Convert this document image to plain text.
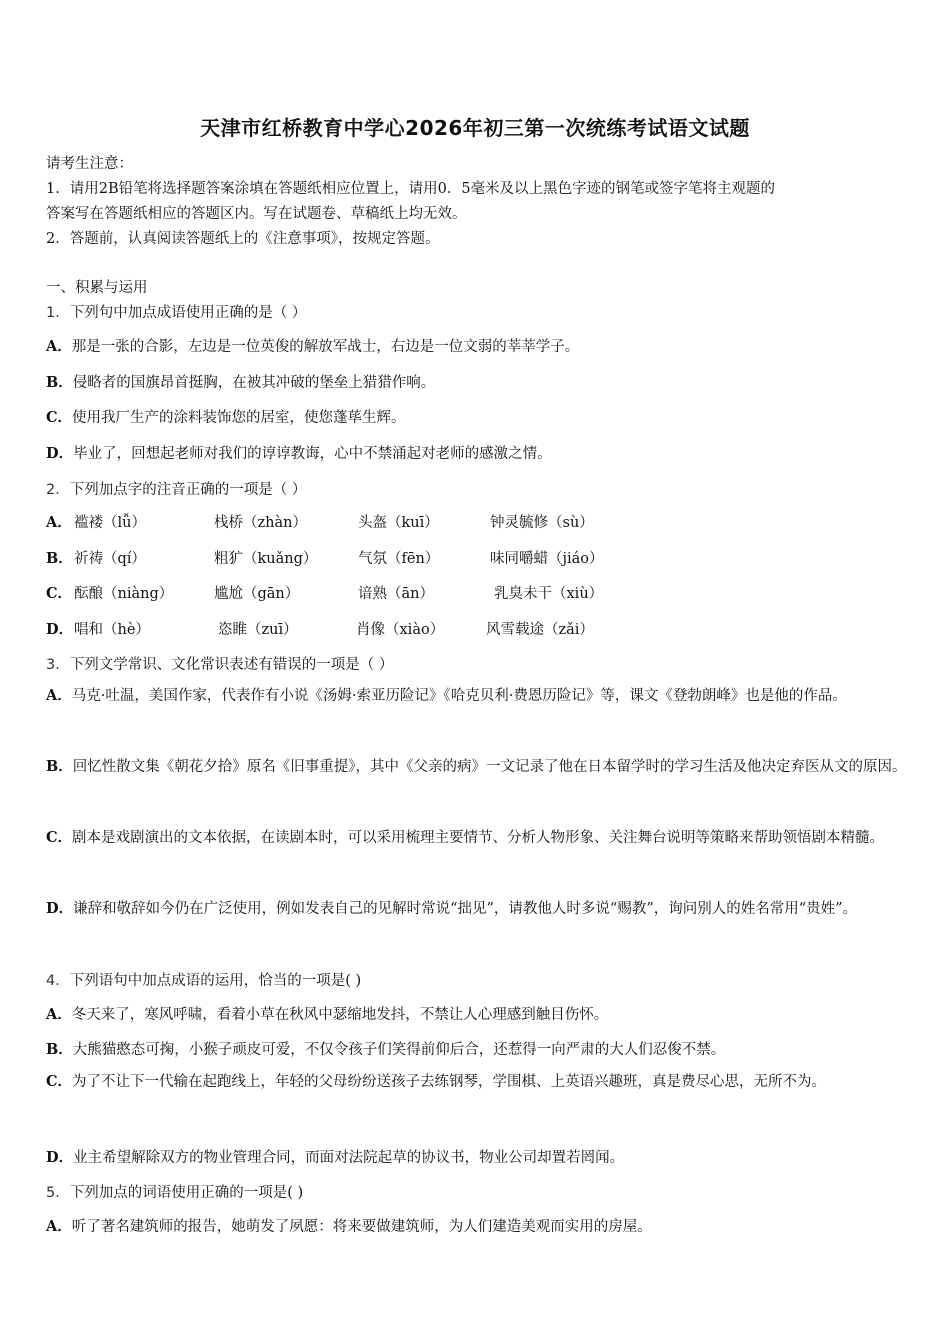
天津市红桥教育中学心2026年初三第一次统练考试语文试题
请考生注意：
1．请用2B铅笔将选择题答案涂填在答题纸相应位置上，请用0．5毫米及以上黑色字迹的钢笔或签字笔将主观题的
答案写在答题纸相应的答题区内。写在试题卷、草稿纸上均无效。
2．答题前，认真阅读答题纸上的《注意事项》，按规定答题。
一、积累与运用
1．下列句中加点成语使用正确的是（ ）
A．那是一张的合影，左边是一位英俊的解放军战士，右边是一位文弱的莘莘学子。
B．侵略者的国旗昂首挺胸，在被其冲破的堡垒上猎猎作响。
C．使用我厂生产的涂料装饰您的居室，使您蓬荜生辉。
D．毕业了，回想起老师对我们的谆谆教诲，心中不禁涌起对老师的感激之情。
2．下列加点字的注音正确的一项是（ ）
A． 褴褛（lǚ）	栈桥（zhàn）	头盔（kuī）	钟灵毓修（sù）
B． 祈祷（qí）	粗犷（kuǎng）	气氛（fēn）	味同嚼蜡（jiáo）
C． 酝酿（niàng）	尴尬（gān）	谙熟（ān）	乳臭未干（xiù）
D． 唱和（hè）	恣睢（zuī）	肖像（xiào）	风雪载途（zǎi）
3．下列文学常识、文化常识表述有错误的一项是（ ）
A．马克·吐温，美国作家，代表作有小说《汤姆·索亚历险记》《哈克贝利·费恩历险记》等，课文《登勃朗峰》也是他的作品。
B．回忆性散文集《朝花夕拾》原名《旧事重提》，其中《父亲的病》一文记录了他在日本留学时的学习生活及他决定弃医从文的原因。
C．剧本是戏剧演出的文本依据，在读剧本时，可以采用梳理主要情节、分析人物形象、关注舞台说明等策略来帮助领悟剧本精髓。
D．谦辞和敬辞如今仍在广泛使用，例如发表自己的见解时常说“拙见”，请教他人时多说“赐教”，询问别人的姓名常用“贵姓”。
4．下列语句中加点成语的运用，恰当的一项是( )
A．冬天来了，寒风呼啸，看着小草在秋风中瑟缩地发抖，不禁让人心理感到触目伤怀。
B．大熊猫憨态可掬，小猴子顽皮可爱，不仅令孩子们笑得前仰后合，还惹得一向严肃的大人们忍俊不禁。
C．为了不让下一代输在起跑线上，年轻的父母纷纷送孩子去练钢琴，学围棋、上英语兴趣班，真是费尽心思，无所不为。
D．业主希望解除双方的物业管理合同，而面对法院起草的协议书，物业公司却置若罔闻。
5．下列加点的词语使用正确的一项是( )
A．听了著名建筑师的报告，她萌发了夙愿：将来要做建筑师，为人们建造美观而实用的房屋。
